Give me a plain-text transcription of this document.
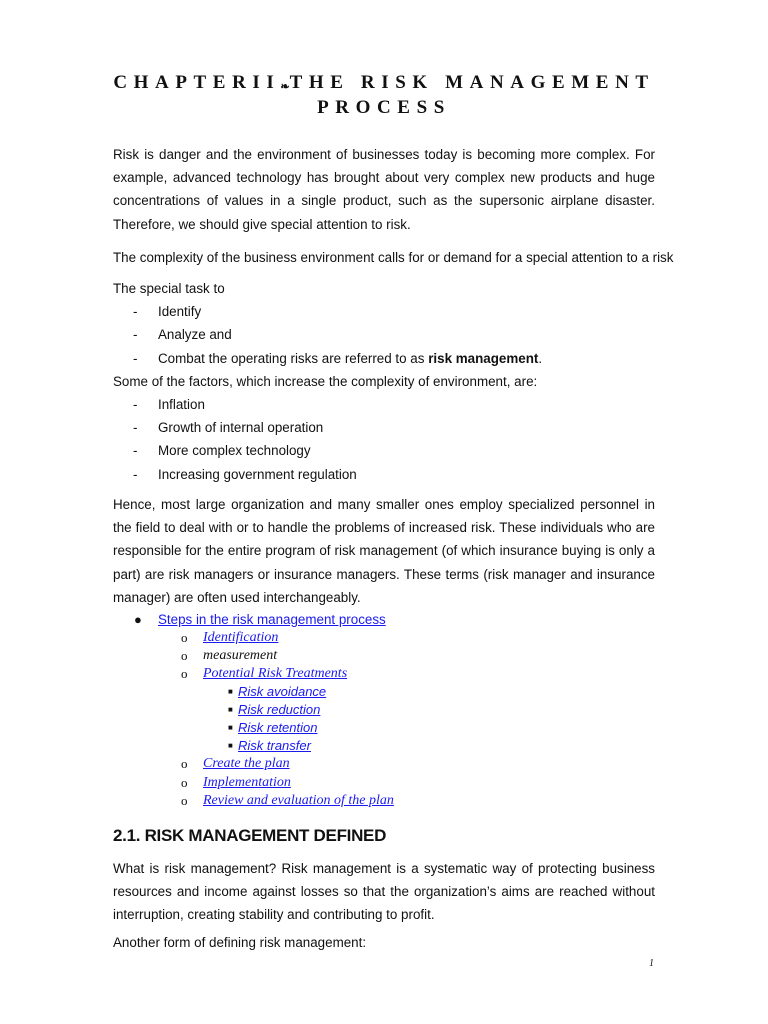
CHAPTERII❧THE RISK MANAGEMENT
PROCESS

Risk is danger and the environment of businesses today is becoming more complex. For example, advanced technology has brought about very complex new products and huge concentrations of values in a single product, such as the supersonic airplane disaster. Therefore, we should give special attention to risk.

The complexity of the business environment calls for or demand for a special attention to a risk

The special task to

- Identify
- Analyze and
- Combat the operating risks are referred to as risk management.

Some of the factors, which increase the complexity of environment, are:

- Inflation
- Growth of internal operation
- More complex technology
- Increasing government regulation

Hence, most large organization and many smaller ones employ specialized personnel in the field to deal with or to handle the problems of increased risk. These individuals who are responsible for the entire program of risk management (of which insurance buying is only a part) are risk managers or insurance managers. These terms (risk manager and insurance manager) are often used interchangeably.

● Steps in the risk management process
o Identification
o measurement
o Potential Risk Treatments
■ Risk avoidance
■ Risk reduction
■ Risk retention
■ Risk transfer
o Create the plan
o Implementation
o Review and evaluation of the plan
2.1. RISK MANAGEMENT DEFINED

What is risk management? Risk management is a systematic way of protecting business resources and income against losses so that the organization’s aims are reached without interruption, creating stability and contributing to profit.

Another form of defining risk management:

1
